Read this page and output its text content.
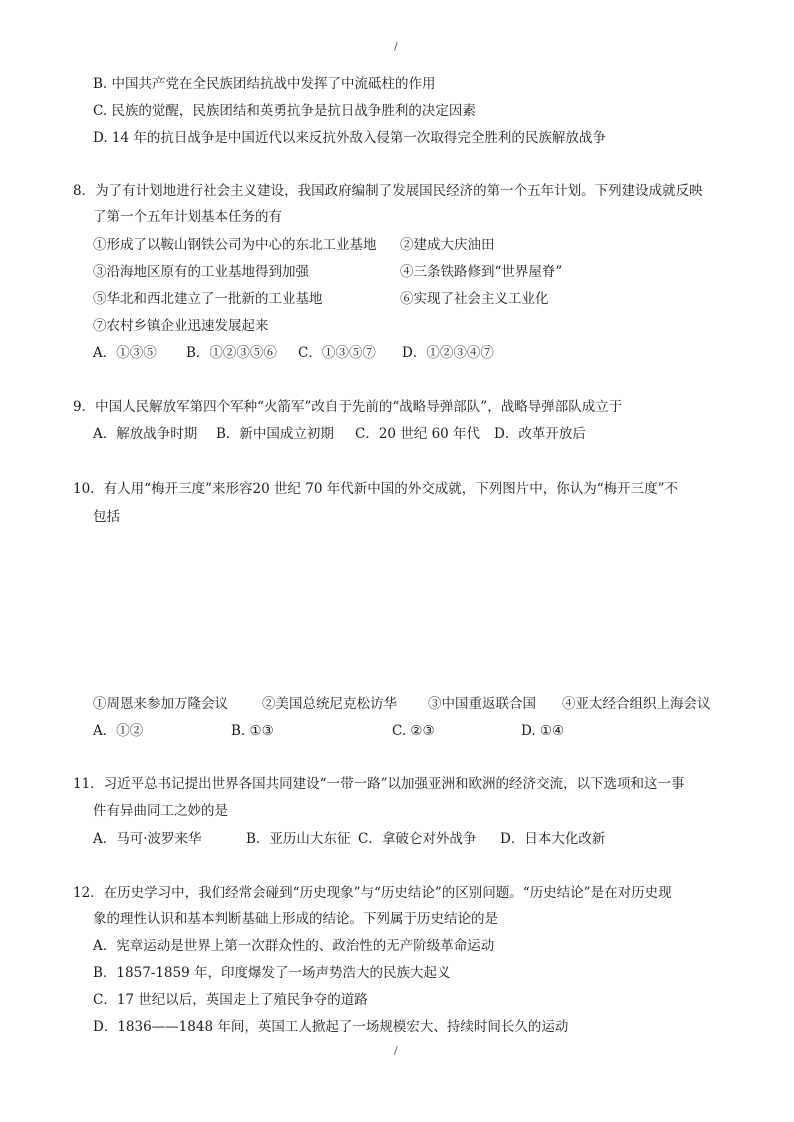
/
B. 中国共产党在全民族团结抗战中发挥了中流砥柱的作用
C. 民族的觉醒，民族团结和英勇抗争是抗日战争胜利的决定因素
D. 14 年的抗日战争是中国近代以来反抗外敌入侵第一次取得完全胜利的民族解放战争
8．为了有计划地进行社会主义建设，我国政府编制了发展国民经济的第一个五年计划。下列建设成就反映
了第一个五年计划基本任务的有
①形成了以鞍山钢铁公司为中心的东北工业基地 ②建成大庆油田
③沿海地区原有的工业基地得到加强	④三条铁路修到“世界屋脊”
⑤华北和西北建立了一批新的工业基地	⑥实现了社会主义工业化
⑦农村乡镇企业迅速发展起来
A．①③⑤ B．①②③⑤⑥ C．①③⑤⑦ D．①②③④⑦
9．中国人民解放军第四个军种“火箭军”改自于先前的“战略导弹部队”，战略导弹部队成立于
A．解放战争时期 B．新中国成立初期 C．20 世纪 60 年代 D．改革开放后
10．有人用“梅开三度”来形容20 世纪 70 年代新中国的外交成就，下列图片中，你认为“梅开三度”不
包括
①周恩来参加万隆会议	②美国总统尼克松访华 ③中国重返联合国 ④亚太经合组织上海会议
A．①②	B. ①③	C. ②③	D. ①④
11．习近平总书记提出世界各国共同建设“一带一路”以加强亚洲和欧洲的经济交流，以下选项和这一事
件有异曲同工之妙的是
A．马可·波罗来华	B．亚历山大东征 C．拿破仑对外战争 D．日本大化改新
12．在历史学习中，我们经常会碰到“历史现象”与“历史结论”的区别问题。“历史结论”是在对历史现
象的理性认识和基本判断基础上形成的结论。下列属于历史结论的是
A．宪章运动是世界上第一次群众性的、政治性的无产阶级革命运动
B．1857-1859 年，印度爆发了一场声势浩大的民族大起义
C．17 世纪以后，英国走上了殖民争夺的道路
D．1836——1848 年间，英国工人掀起了一场规模宏大、持续时间长久的运动
/
